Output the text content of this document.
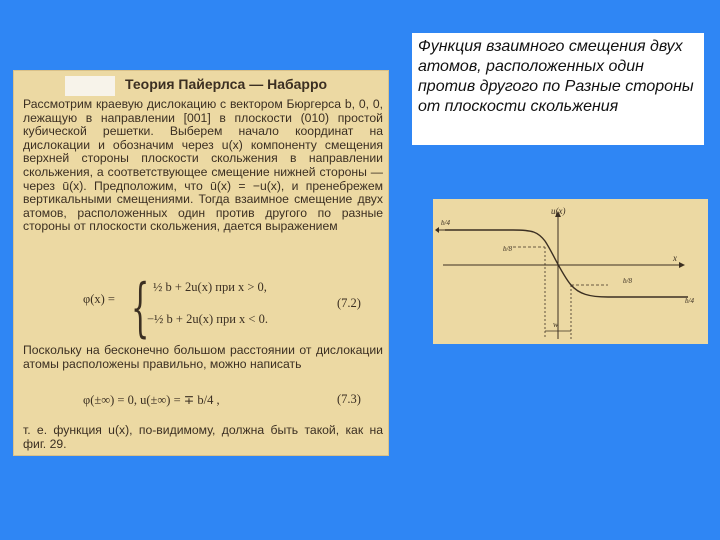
Теория Пайерлса — Набарро
Рассмотрим краевую дислокацию с вектором Бюргерса b, 0, 0, лежащую в направлении [001] в плоскости (010) простой кубической решетки. Выберем начало координат на дислокации и обозначим через u(x) компоненту смещения верхней стороны плоскости скольжения в направлении скольжения, а соответствующее смещение нижней стороны — через ū(x). Предположим, что ū(x) = −u(x), и пренебрежем вертикальными смещениями. Тогда взаимное смещение двух атомов, расположенных один против другого по разные стороны от плоскости скольжения, дается выражением
φ(x) = { ½ b + 2u(x) при x > 0,
−½ b + 2u(x) при x < 0.
(7.2)
Поскольку на бесконечно большом расстоянии от дислокации атомы расположены правильно, можно написать
φ(±∞) = 0, u(±∞) = ∓ b/4 ,	(7.3)
т. е. функция u(x), по-видимому, должна быть такой, как на фиг. 29.
Функция взаимного смещения двух атомов, расположенных один против другого по Разные стороны от плоскости скольжения
u(x)
x
b/4
b/4
b/8
b/8
w
